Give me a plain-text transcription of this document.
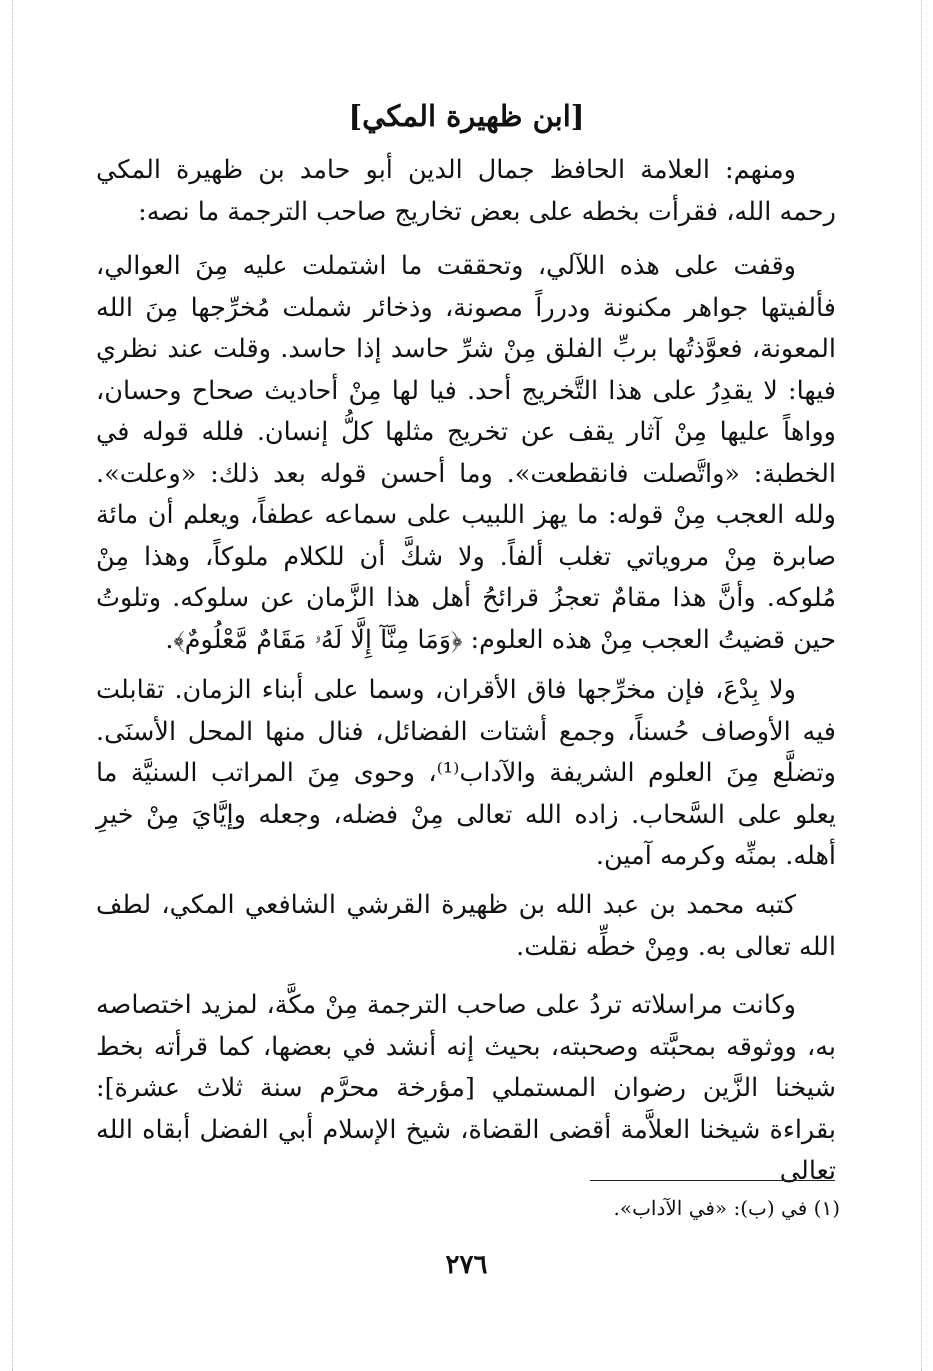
[ابن ظهيرة المكي]

ومنهم: العلامة الحافظ جمال الدين أبو حامد بن ظهيرة المكي رحمه الله، فقرأت بخطه على بعض تخاريج صاحب الترجمة ما نصه:

وقفت على هذه اللآلي، وتحققت ما اشتملت عليه مِنَ العوالي، فألفيتها جواهر مكنونة ودرراً مصونة، وذخائر شملت مُخرِّجها مِنَ الله المعونة، فعوَّذتُها بربِّ الفلق مِنْ شرِّ حاسد إذا حاسد. وقلت عند نظري فيها: لا يقدِرُ على هذا التَّخريج أحد. فيا لها مِنْ أحاديث صحاح وحسان، وواهاً عليها مِنْ آثار يقف عن تخريج مثلها كلُّ إنسان. فلله قوله في الخطبة: «واتَّصلت فانقطعت». وما أحسن قوله بعد ذلك: «وعلت». ولله العجب مِنْ قوله: ما يهز اللبيب على سماعه عطفاً، ويعلم أن مائة صابرة مِنْ مروياتي تغلب ألفاً. ولا شكَّ أن للكلام ملوكاً، وهذا مِنْ مُلوكه. وأنَّ هذا مقامٌ تعجزُ قرائحُ أهل هذا الزَّمان عن سلوكه. وتلوتُ حين قضيتُ العجب مِنْ هذه العلوم: ﴿وَمَا مِنَّآ إِلَّا لَهُۥ مَقَامٌ مَّعْلُومٌ﴾.

ولا بِدْعَ، فإن مخرِّجها فاق الأقران، وسما على أبناء الزمان. تقابلت فيه الأوصاف حُسناً، وجمع أشتات الفضائل، فنال منها المحل الأسنَى. وتضلَّع مِنَ العلوم الشريفة والآداب⁽¹⁾، وحوى مِنَ المراتب السنيَّة ما يعلو على السَّحاب. زاده الله تعالى مِنْ فضله، وجعله وإيَّايَ مِنْ خيرِ أهله. بمنِّه وكرمه آمين.

كتبه محمد بن عبد الله بن ظهيرة القرشي الشافعي المكي، لطف الله تعالى به. ومِنْ خطِّه نقلت.

وكانت مراسلاته تردُ على صاحب الترجمة مِنْ مكَّة، لمزيد اختصاصه به، ووثوقه بمحبَّته وصحبته، بحيث إنه أنشد في بعضها، كما قرأته بخط شيخنا الزَّين رضوان المستملي [مؤرخة محرَّم سنة ثلاث عشرة]: بقراءة شيخنا العلاَّمة أقضى القضاة، شيخ الإسلام أبي الفضل أبقاه الله تعالى

(١) في (ب): «في الآداب».
٢٧٦
